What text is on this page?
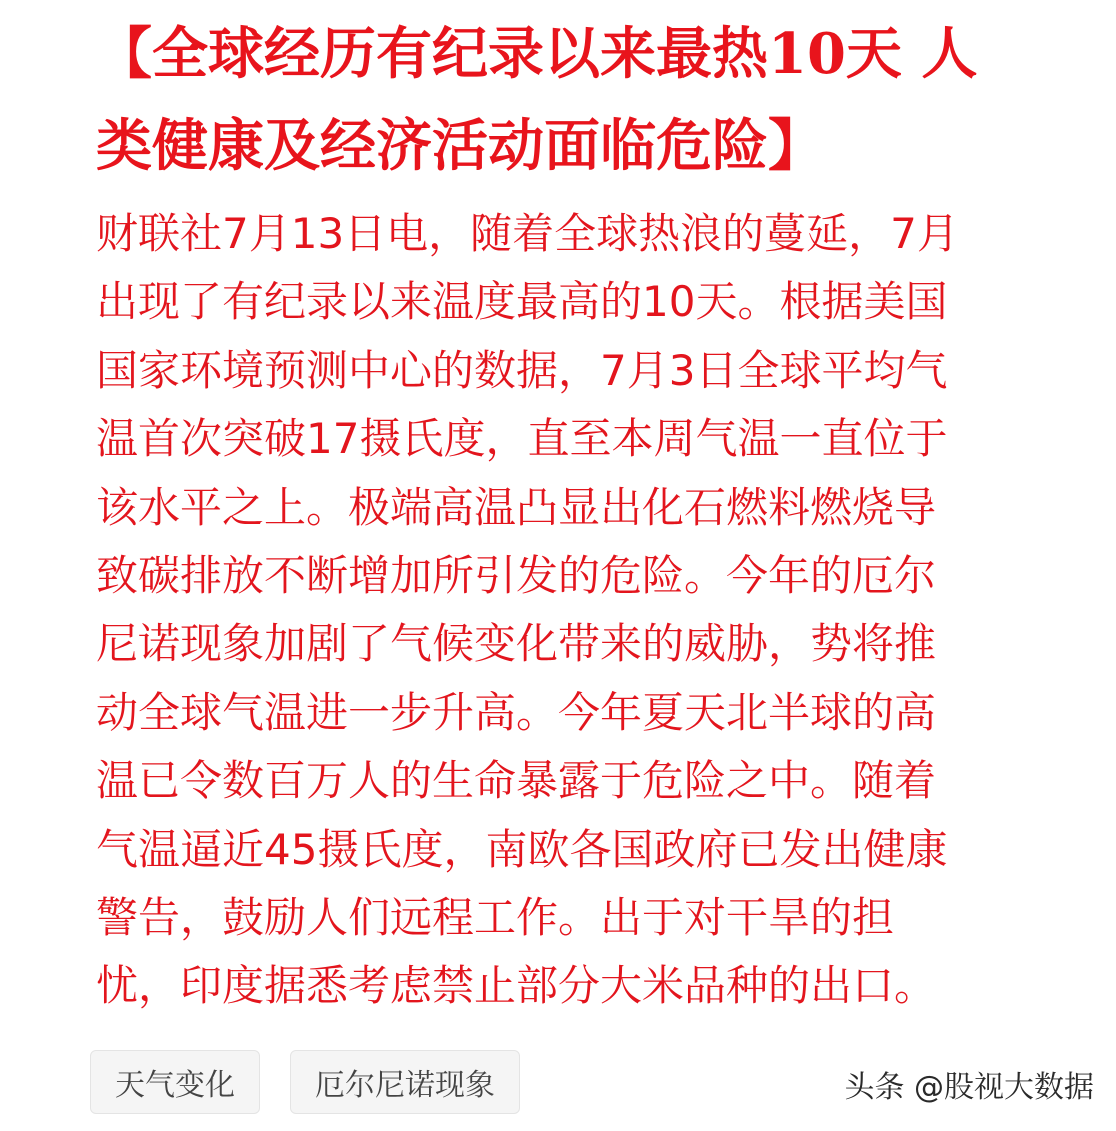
【全球经历有纪录以来最热10天 人
类健康及经济活动面临危险】

财联社7月13日电，随着全球热浪的蔓延，7月
出现了有纪录以来温度最高的10天。根据美国
国家环境预测中心的数据，7月3日全球平均气
温首次突破17摄氏度，直至本周气温一直位于
该水平之上。极端高温凸显出化石燃料燃烧导
致碳排放不断增加所引发的危险。今年的厄尔
尼诺现象加剧了气候变化带来的威胁，势将推
动全球气温进一步升高。今年夏天北半球的高
温已令数百万人的生命暴露于危险之中。随着
气温逼近45摄氏度，南欧各国政府已发出健康
警告，鼓励人们远程工作。出于对干旱的担
忧，印度据悉考虑禁止部分大米品种的出口。

天气变化	厄尔尼诺现象	头条 @股视大数据
